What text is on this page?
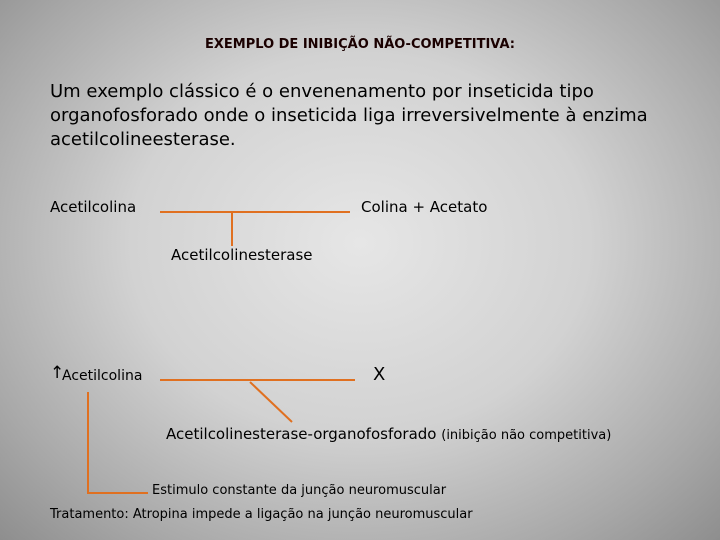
EXEMPLO DE INIBIÇÃO NÃO-COMPETITIVA:
Um exemplo clássico é o envenenamento por inseticida tipo organofosforado onde o inseticida liga irreversivelmente à enzima acetilcolineesterase.
Acetilcolina	Colina + Acetato
Acetilcolinesterase
↑
Acetilcolina	X
Acetilcolinesterase-organofosforado (inibição não competitiva)
Estimulo constante da junção neuromuscular
Tratamento: Atropina impede a ligação na junção neuromuscular
